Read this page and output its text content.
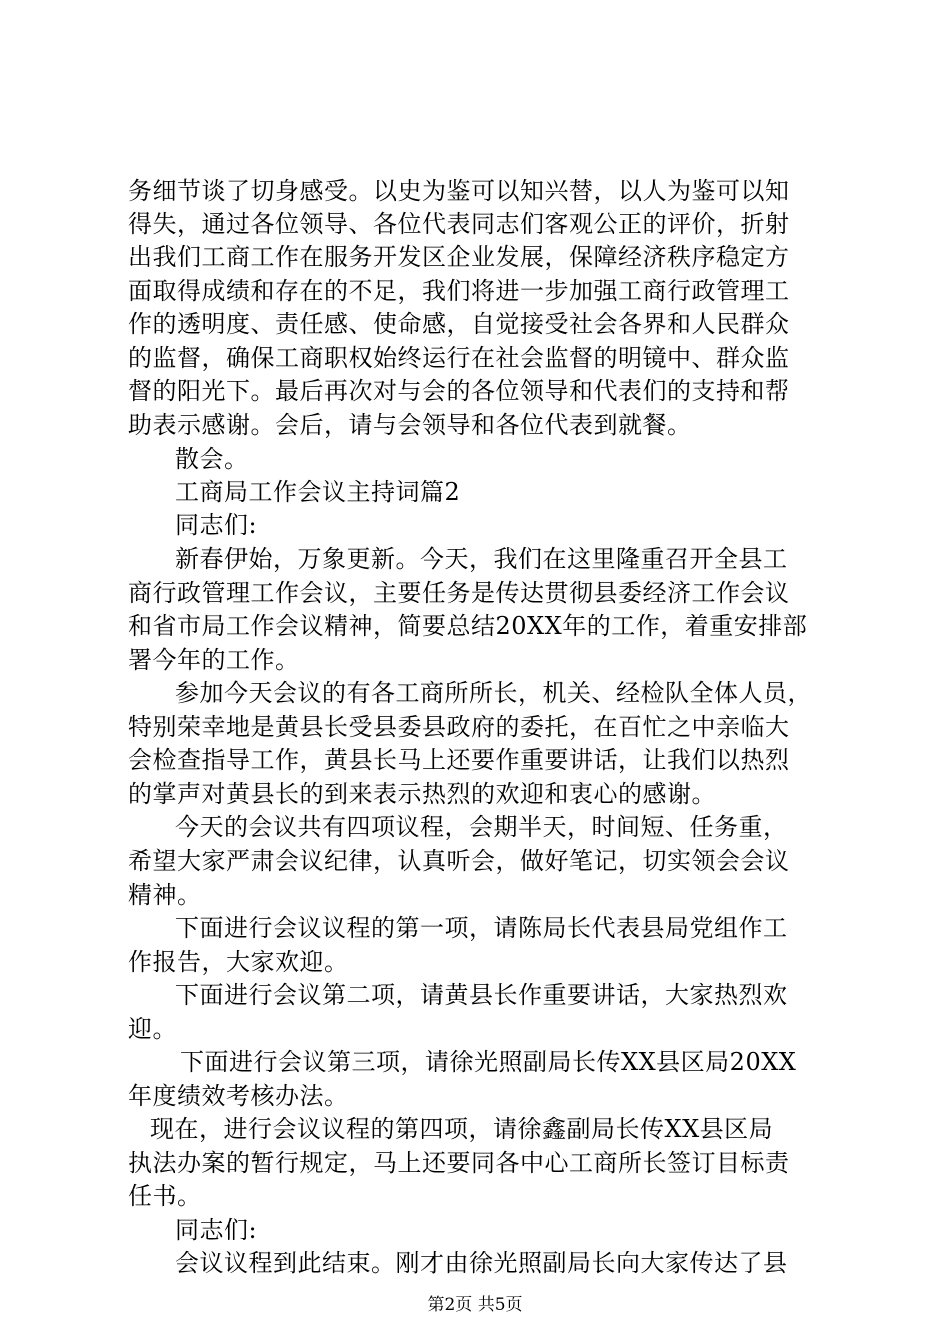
务细节谈了切身感受。以史为鉴可以知兴替，以人为鉴可以知
得失，通过各位领导、各位代表同志们客观公正的评价，折射
出我们工商工作在服务开发区企业发展，保障经济秩序稳定方
面取得成绩和存在的不足，我们将进一步加强工商行政管理工
作的透明度、责任感、使命感，自觉接受社会各界和人民群众
的监督，确保工商职权始终运行在社会监督的明镜中、群众监
督的阳光下。最后再次对与会的各位领导和代表们的支持和帮
助表示感谢。会后，请与会领导和各位代表到就餐。
散会。
工商局工作会议主持词篇2
同志们:
新春伊始，万象更新。今天，我们在这里隆重召开全县工
商行政管理工作会议，主要任务是传达贯彻县委经济工作会议
和省市局工作会议精神，简要总结20XX年的工作，着重安排部
署今年的工作。
参加今天会议的有各工商所所长，机关、经检队全体人员，
特别荣幸地是黄县长受县委县政府的委托，在百忙之中亲临大
会检查指导工作，黄县长马上还要作重要讲话，让我们以热烈
的掌声对黄县长的到来表示热烈的欢迎和衷心的感谢。
今天的会议共有四项议程，会期半天，时间短、任务重，
希望大家严肃会议纪律，认真听会，做好笔记，切实领会会议
精神。
下面进行会议议程的第一项，请陈局长代表县局党组作工
作报告，大家欢迎。
下面进行会议第二项，请黄县长作重要讲话，大家热烈欢
迎。
下面进行会议第三项，请徐光照副局长传XX县区局20XX
年度绩效考核办法。
现在，进行会议议程的第四项，请徐鑫副局长传XX县区局
执法办案的暂行规定，马上还要同各中心工商所长签订目标责
任书。
同志们:
会议议程到此结束。刚才由徐光照副局长向大家传达了县
第2页 共5页
